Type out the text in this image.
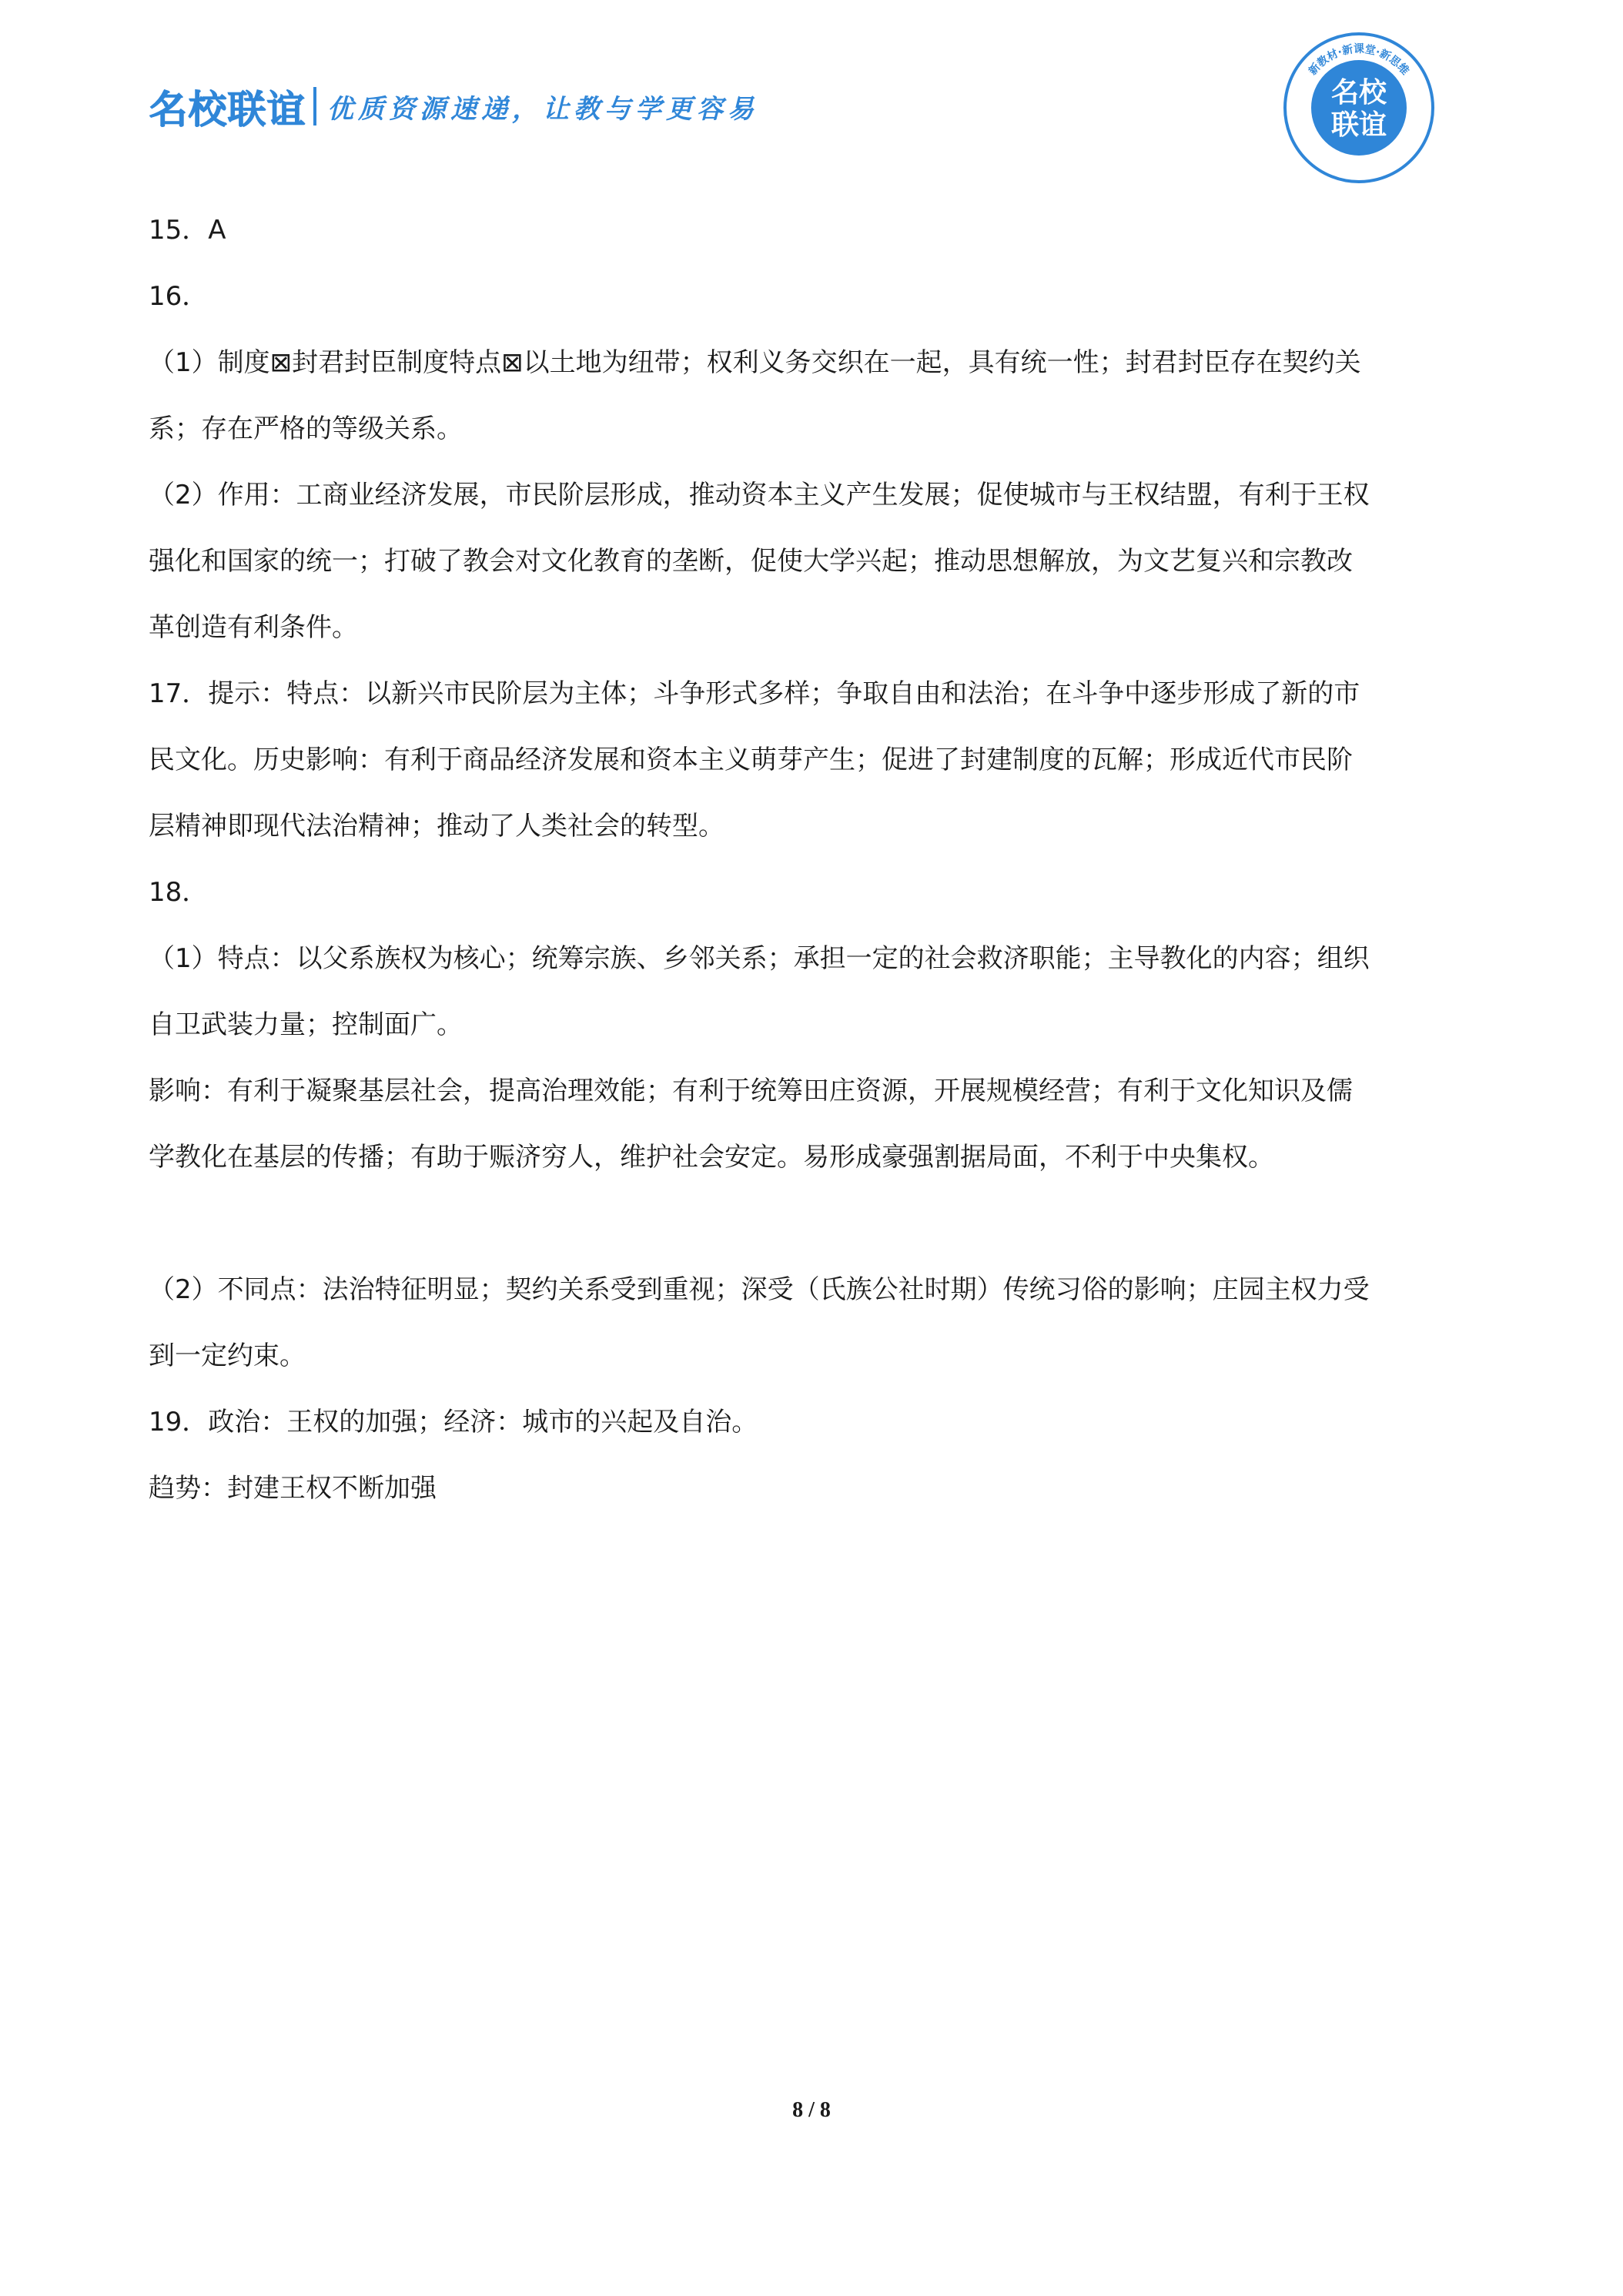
名校联谊 优质资源速递，让教与学更容易
新教材·新课堂·新思维
名校
联谊

15．A

16．

（1）制度⊠封君封臣制度特点⊠以土地为纽带；权利义务交织在一起，具有统一性；封君封臣存在契约关

系；存在严格的等级关系。

（2）作用：工商业经济发展，市民阶层形成，推动资本主义产生发展；促使城市与王权结盟，有利于王权

强化和国家的统一；打破了教会对文化教育的垄断，促使大学兴起；推动思想解放，为文艺复兴和宗教改

革创造有利条件。

17．提示：特点：以新兴市民阶层为主体；斗争形式多样；争取自由和法治；在斗争中逐步形成了新的市

民文化。历史影响：有利于商品经济发展和资本主义萌芽产生；促进了封建制度的瓦解；形成近代市民阶

层精神即现代法治精神；推动了人类社会的转型。

18．

（1）特点：以父系族权为核心；统筹宗族、乡邻关系；承担一定的社会救济职能；主导教化的内容；组织

自卫武装力量；控制面广。

影响：有利于凝聚基层社会，提高治理效能；有利于统筹田庄资源，开展规模经营；有利于文化知识及儒

学教化在基层的传播；有助于赈济穷人，维护社会安定。易形成豪强割据局面，不利于中央集权。

（2）不同点：法治特征明显；契约关系受到重视；深受（氏族公社时期）传统习俗的影响；庄园主权力受

到一定约束。

19．政治：王权的加强；经济：城市的兴起及自治。

趋势：封建王权不断加强

8 / 8
